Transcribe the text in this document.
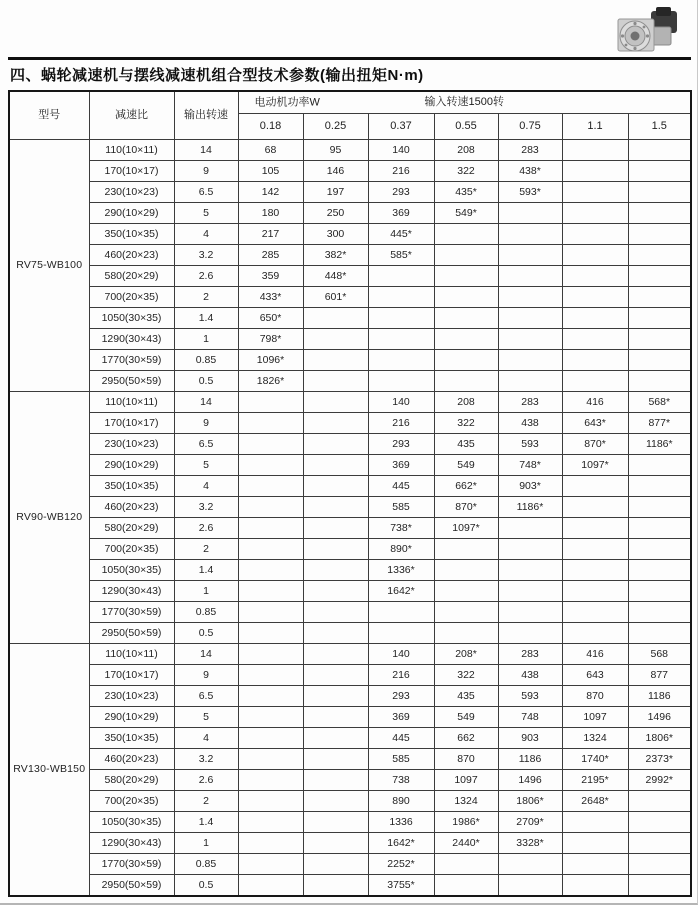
四、蜗轮减速机与摆线减速机组合型技术参数(输出扭矩N·m)
型号	减速比	输出转速	电动机功率W 输入转速1500转						
			0.18	0.25	0.37	0.55	0.75	1.1	1.5
RV75-WB100	110(10×11)	14	68	95	140	208	283		
	170(10×17)	9	105	146	216	322	438*		
	230(10×23)	6.5	142	197	293	435*	593*		
	290(10×29)	5	180	250	369	549*			
	350(10×35)	4	217	300	445*				
	460(20×23)	3.2	285	382*	585*				
	580(20×29)	2.6	359	448*					
	700(20×35)	2	433*	601*					
	1050(30×35)	1.4	650*						
	1290(30×43)	1	798*						
	1770(30×59)	0.85	1096*						
	2950(50×59)	0.5	1826*						
RV90-WB120	110(10×11)	14			140	208	283	416	568*
	170(10×17)	9			216	322	438	643*	877*
	230(10×23)	6.5			293	435	593	870*	1186*
	290(10×29)	5			369	549	748*	1097*	
	350(10×35)	4			445	662*	903*		
	460(20×23)	3.2			585	870*	1186*		
	580(20×29)	2.6			738*	1097*			
	700(20×35)	2			890*				
	1050(30×35)	1.4			1336*				
	1290(30×43)	1			1642*				
	1770(30×59)	0.85							
	2950(50×59)	0.5							
RV130-WB150	110(10×11)	14			140	208*	283	416	568
	170(10×17)	9			216	322	438	643	877
	230(10×23)	6.5			293	435	593	870	1186
	290(10×29)	5			369	549	748	1097	1496
	350(10×35)	4			445	662	903	1324	1806*
	460(20×23)	3.2			585	870	1186	1740*	2373*
	580(20×29)	2.6			738	1097	1496	2195*	2992*
	700(20×35)	2			890	1324	1806*	2648*	
	1050(30×35)	1.4			1336	1986*	2709*		
	1290(30×43)	1			1642*	2440*	3328*		
	1770(30×59)	0.85			2252*				
	2950(50×59)	0.5			3755*				
